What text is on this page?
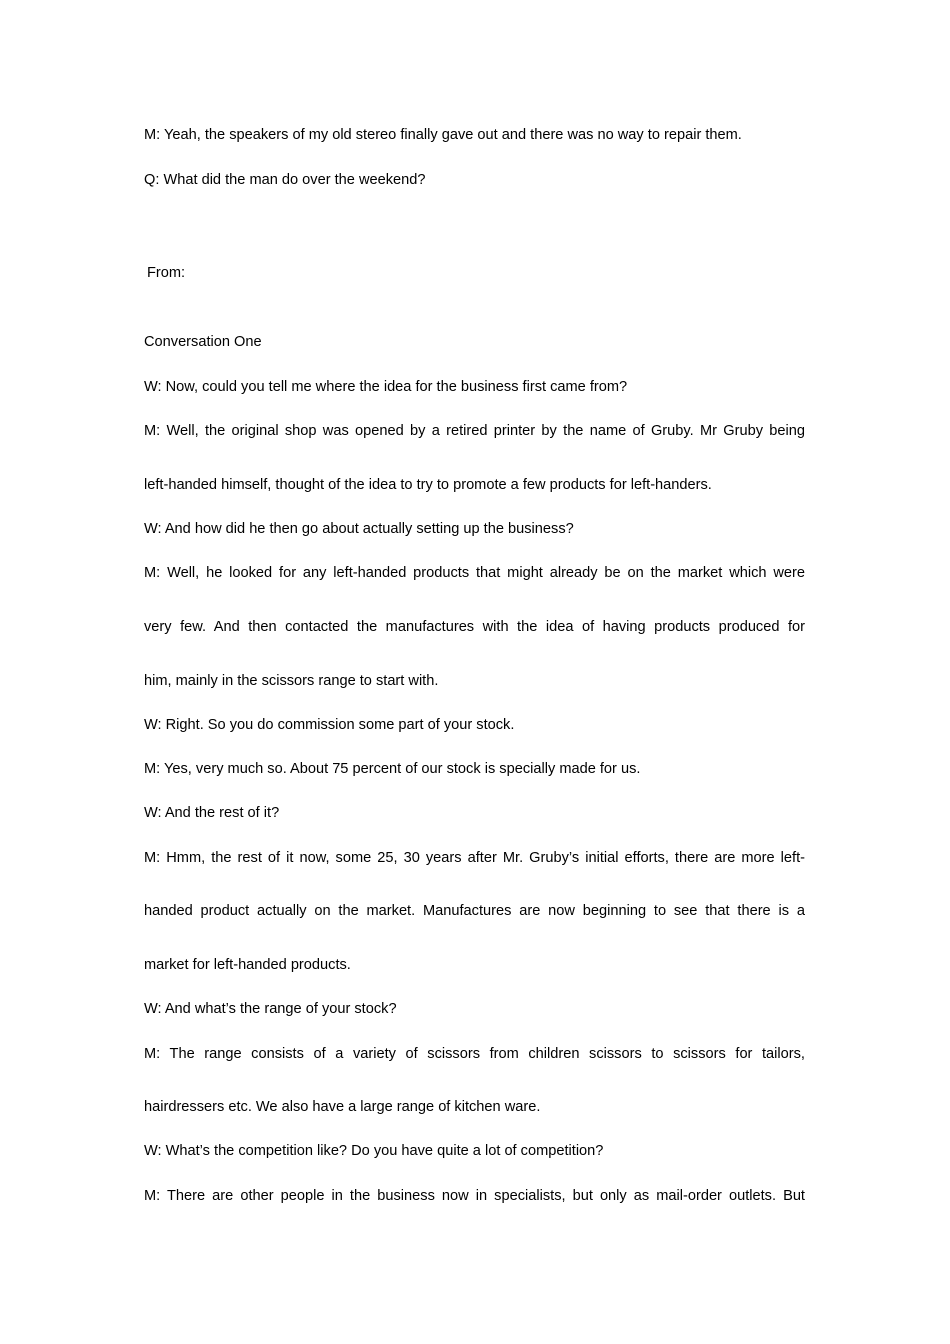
M: Yeah, the speakers of my old stereo finally gave out and there was no way to repair them.
Q: What did the man do over the weekend?
From:
Conversation One
W: Now, could you tell me where the idea for the business first came from?
M: Well, the original shop was opened by a retired printer by the name of Gruby. Mr Gruby being
left-handed himself, thought of the idea to try to promote a few products for left-handers.
W: And how did he then go about actually setting up the business?
M: Well, he looked for any left-handed products that might already be on the market which were
very few. And then contacted the manufactures with the idea of having products produced for
him, mainly in the scissors range to start with.
W: Right. So you do commission some part of your stock.
M: Yes, very much so. About 75 percent of our stock is specially made for us.
W: And the rest of it?
M: Hmm, the rest of it now, some 25, 30 years after Mr. Gruby’s initial efforts, there are more left-
handed product actually on the market. Manufactures are now beginning to see that there is a
market for left-handed products.
W: And what’s the range of your stock?
M: The range consists of a variety of scissors from children scissors to scissors for tailors,
hairdressers etc. We also have a large range of kitchen ware.
W: What’s the competition like? Do you have quite a lot of competition?
M: There are other people in the business now in specialists, but only as mail-order outlets. But
